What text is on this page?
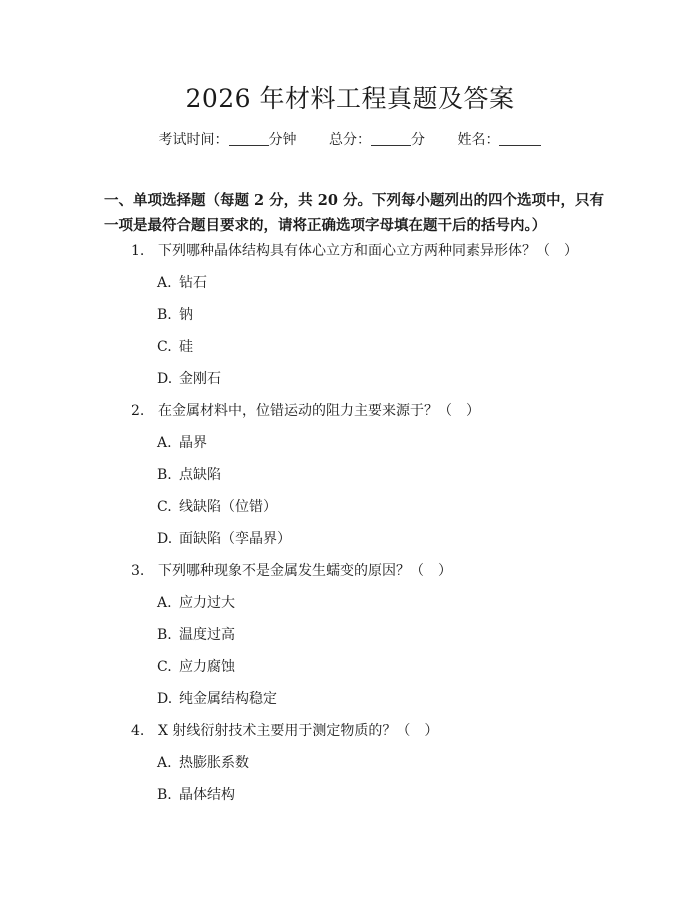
2026 年材料工程真题及答案
考试时间：	分钟 总分：	分 姓名：

一、单项选择题（每题 2 分，共 20 分。下列每小题列出的四个选项中，只有一项是最符合题目要求的，请将正确选项字母填在题干后的括号内。）

1. 下列哪种晶体结构具有体心立方和面心立方两种同素异形体？（　）

A. 钻石

B. 钠

C. 硅

D. 金刚石

2. 在金属材料中，位错运动的阻力主要来源于？（　）

A. 晶界

B. 点缺陷

C. 线缺陷（位错）

D. 面缺陷（孪晶界）

3. 下列哪种现象不是金属发生蠕变的原因？（　）

A. 应力过大

B. 温度过高

C. 应力腐蚀

D. 纯金属结构稳定

4. X 射线衍射技术主要用于测定物质的？（　）

A. 热膨胀系数

B. 晶体结构
